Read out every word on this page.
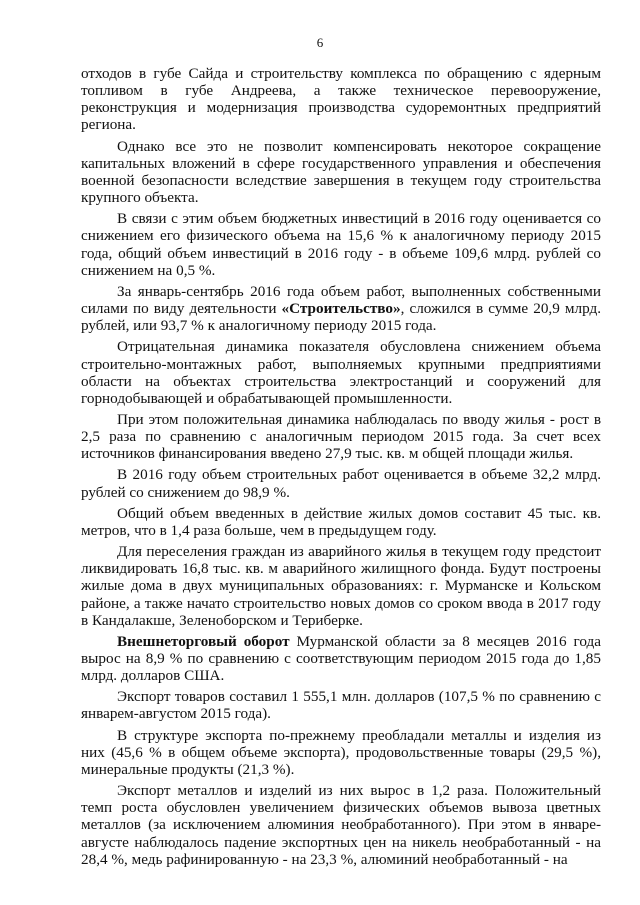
6

отходов в губе Сайда и строительству комплекса по обращению с ядерным топливом в губе Андреева, а также техническое перевооружение, реконструкция и модернизация производства судоремонтных предприятий региона.

Однако все это не позволит компенсировать некоторое сокращение капитальных вложений в сфере государственного управления и обеспечения военной безопасности вследствие завершения в текущем году строительства крупного объекта.

В связи с этим объем бюджетных инвестиций в 2016 году оценивается со снижением его физического объема на 15,6 % к аналогичному периоду 2015 года, общий объем инвестиций в 2016 году - в объеме 109,6 млрд. рублей со снижением на 0,5 %.

За январь-сентябрь 2016 года объем работ, выполненных собственными силами по виду деятельности «Строительство», сложился в сумме 20,9 млрд. рублей, или 93,7 % к аналогичному периоду 2015 года.

Отрицательная динамика показателя обусловлена снижением объема строительно-монтажных работ, выполняемых крупными предприятиями области на объектах строительства электростанций и сооружений для горнодобывающей и обрабатывающей промышленности.

При этом положительная динамика наблюдалась по вводу жилья - рост в 2,5 раза по сравнению с аналогичным периодом 2015 года. За счет всех источников финансирования введено 27,9 тыс. кв. м общей площади жилья.

В 2016 году объем строительных работ оценивается в объеме 32,2 млрд. рублей со снижением до 98,9 %.

Общий объем введенных в действие жилых домов составит 45 тыс. кв. метров, что в 1,4 раза больше, чем в предыдущем году.

Для переселения граждан из аварийного жилья в текущем году предстоит ликвидировать 16,8 тыс. кв. м аварийного жилищного фонда. Будут построены жилые дома в двух муниципальных образованиях: г. Мурманске и Кольском районе, а также начато строительство новых домов со сроком ввода в 2017 году в Кандалакше, Зеленоборском и Териберке.

Внешнеторговый оборот Мурманской области за 8 месяцев 2016 года вырос на 8,9 % по сравнению с соответствующим периодом 2015 года до 1,85 млрд. долларов США.

Экспорт товаров составил 1 555,1 млн. долларов (107,5 % по сравнению с январем-августом 2015 года).

В структуре экспорта по-прежнему преобладали металлы и изделия из них (45,6 % в общем объеме экспорта), продовольственные товары (29,5 %), минеральные продукты (21,3 %).

Экспорт металлов и изделий из них вырос в 1,2 раза. Положительный темп роста обусловлен увеличением физических объемов вывоза цветных металлов (за исключением алюминия необработанного). При этом в январе-августе наблюдалось падение экспортных цен на никель необработанный - на 28,4 %, медь рафинированную - на 23,3 %, алюминий необработанный - на
